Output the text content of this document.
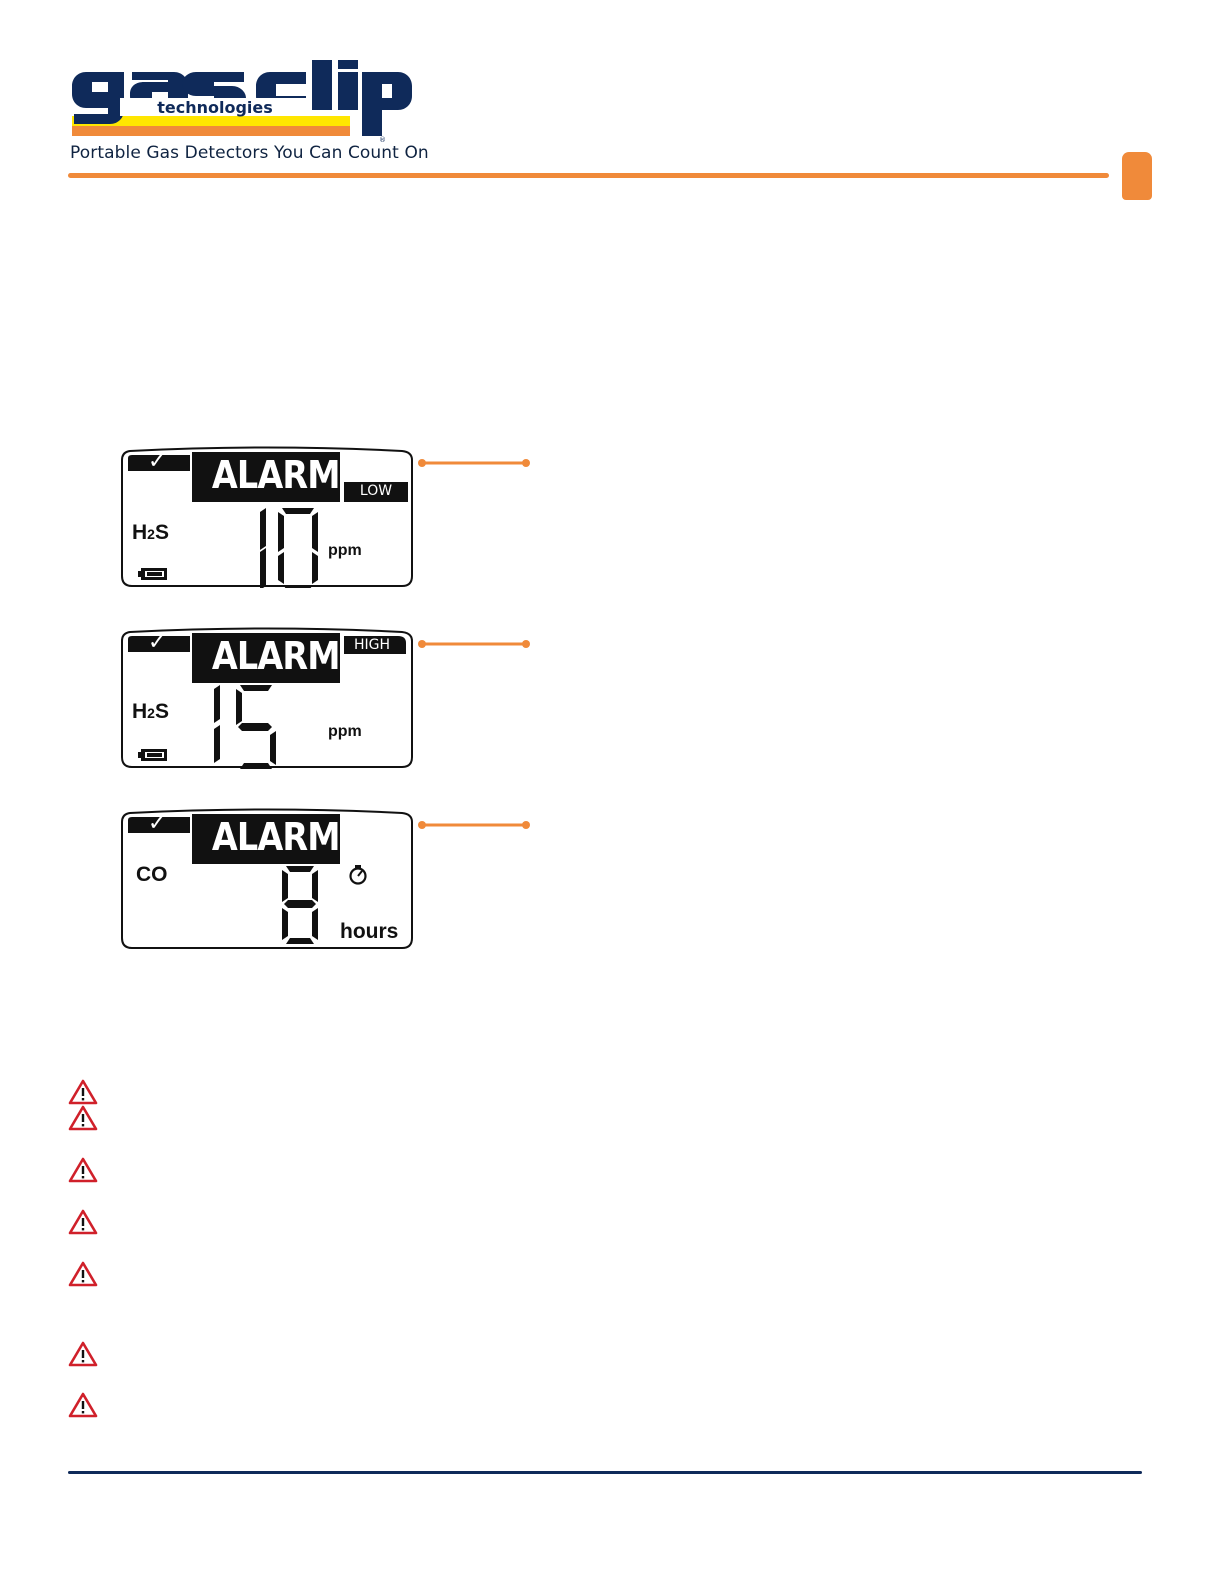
technologies
®
Portable Gas Detectors You Can Count On
✓ ALARM	LOW
H2S
ppm
✓ ALARM	HIGH
H2S
ppm
✓ ALARM
CO
hours
